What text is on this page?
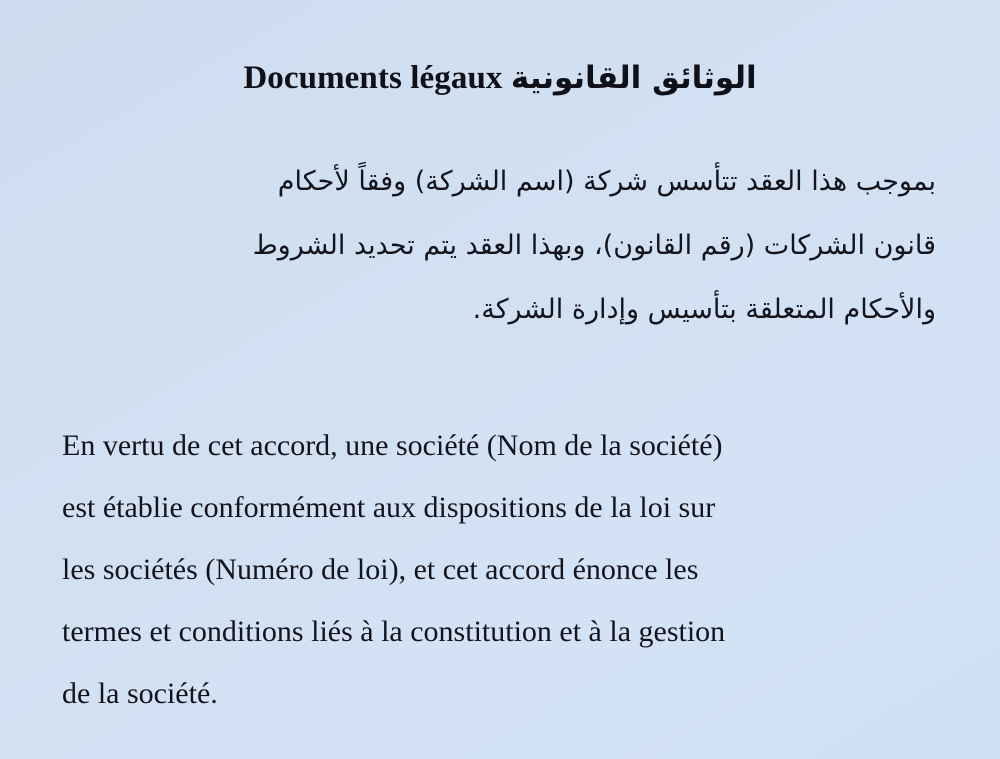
Documents légaux الوثائق القانونية
بموجب هذا العقد تتأسس شركة (اسم الشركة) وفقاً لأحكام
قانون الشركات (رقم القانون)، وبهذا العقد يتم تحديد الشروط
والأحكام المتعلقة بتأسيس وإدارة الشركة.
En vertu de cet accord, une société (Nom de la société)
est établie conformément aux dispositions de la loi sur
les sociétés (Numéro de loi), et cet accord énonce les
termes et conditions liés à la constitution et à la gestion
de la société.
